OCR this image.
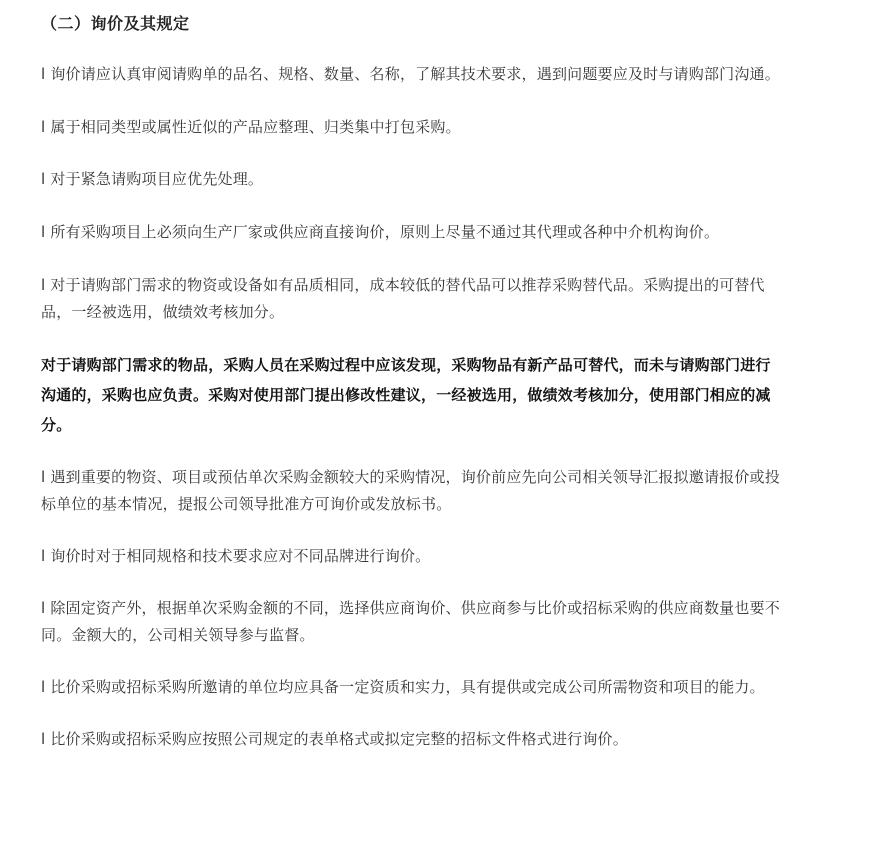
（二）询价及其规定

l 询价请应认真审阅请购单的品名、规格、数量、名称，了解其技术要求，遇到问题要应及时与请购部门沟通。

l 属于相同类型或属性近似的产品应整理、归类集中打包采购。

l 对于紧急请购项目应优先处理。

l 所有采购项目上必须向生产厂家或供应商直接询价，原则上尽量不通过其代理或各种中介机构询价。

l 对于请购部门需求的物资或设备如有品质相同，成本较低的替代品可以推荐采购替代品。采购提出的可替代品，一经被选用，做绩效考核加分。

对于请购部门需求的物品，采购人员在采购过程中应该发现，采购物品有新产品可替代，而未与请购部门进行沟通的，采购也应负责。采购对使用部门提出修改性建议，一经被选用，做绩效考核加分，使用部门相应的减分。

l 遇到重要的物资、项目或预估单次采购金额较大的采购情况，询价前应先向公司相关领导汇报拟邀请报价或投标单位的基本情况，提报公司领导批准方可询价或发放标书。

l 询价时对于相同规格和技术要求应对不同品牌进行询价。

l 除固定资产外，根据单次采购金额的不同，选择供应商询价、供应商参与比价或招标采购的供应商数量也要不同。金额大的，公司相关领导参与监督。

l 比价采购或招标采购所邀请的单位均应具备一定资质和实力，具有提供或完成公司所需物资和项目的能力。

l 比价采购或招标采购应按照公司规定的表单格式或拟定完整的招标文件格式进行询价。
